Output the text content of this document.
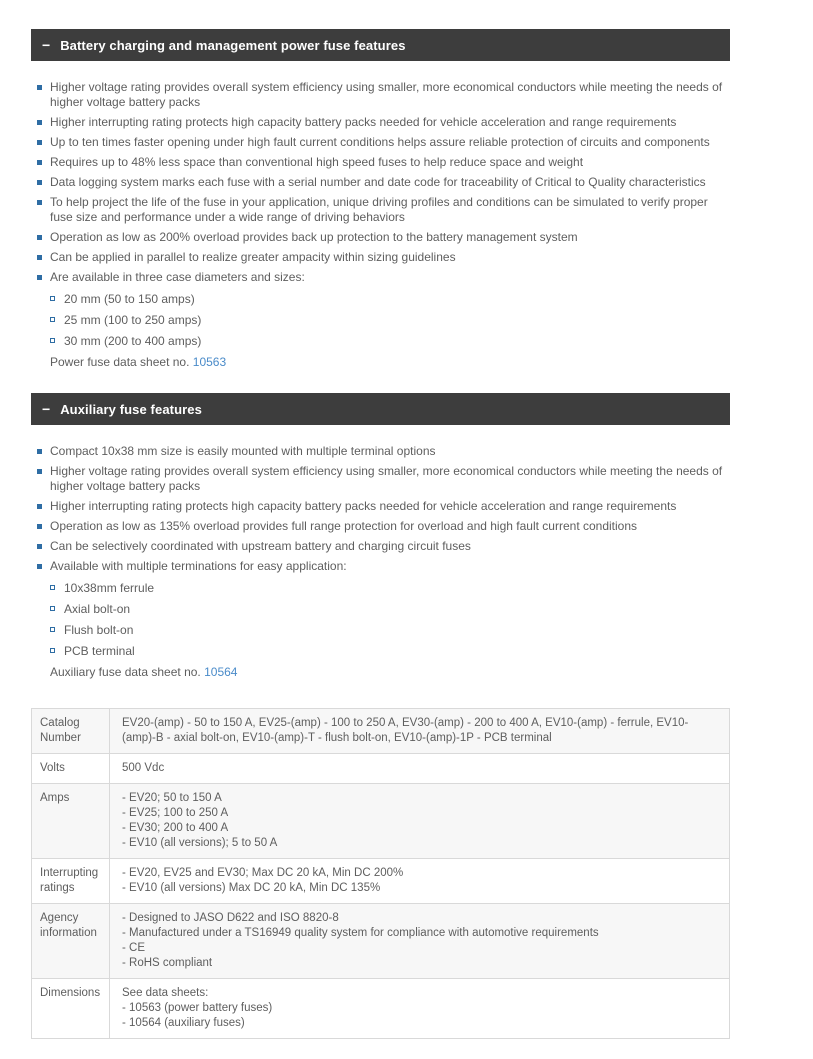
− Battery charging and management power fuse features
Higher voltage rating provides overall system efficiency using smaller, more economical conductors while meeting the needs of higher voltage battery packs
Higher interrupting rating protects high capacity battery packs needed for vehicle acceleration and range requirements
Up to ten times faster opening under high fault current conditions helps assure reliable protection of circuits and components
Requires up to 48% less space than conventional high speed fuses to help reduce space and weight
Data logging system marks each fuse with a serial number and date code for traceability of Critical to Quality characteristics
To help project the life of the fuse in your application, unique driving profiles and conditions can be simulated to verify proper fuse size and performance under a wide range of driving behaviors
Operation as low as 200% overload provides back up protection to the battery management system
Can be applied in parallel to realize greater ampacity within sizing guidelines
Are available in three case diameters and sizes:
20 mm (50 to 150 amps)
25 mm (100 to 250 amps)
30 mm (200 to 400 amps)
Power fuse data sheet no. 10563
− Auxiliary fuse features
Compact 10x38 mm size is easily mounted with multiple terminal options
Higher voltage rating provides overall system efficiency using smaller, more economical conductors while meeting the needs of higher voltage battery packs
Higher interrupting rating protects high capacity battery packs needed for vehicle acceleration and range requirements
Operation as low as 135% overload provides full range protection for overload and high fault current conditions
Can be selectively coordinated with upstream battery and charging circuit fuses
Available with multiple terminations for easy application:
10x38mm ferrule
Axial bolt-on
Flush bolt-on
PCB terminal
Auxiliary fuse data sheet no. 10564
Catalog Number	EV20-(amp) - 50 to 150 A, EV25-(amp) - 100 to 250 A, EV30-(amp) - 200 to 400 A, EV10-(amp) - ferrule, EV10-(amp)-B - axial bolt-on, EV10-(amp)-T - flush bolt-on, EV10-(amp)-1P - PCB terminal

Volts	500 Vdc

Amps	- EV20; 50 to 150 A
- EV25; 100 to 250 A
- EV30; 200 to 400 A
- EV10 (all versions); 5 to 50 A

Interrupting ratings	- EV20, EV25 and EV30; Max DC 20 kA, Min DC 200%
- EV10 (all versions) Max DC 20 kA, Min DC 135%

Agency information	- Designed to JASO D622 and ISO 8820-8
- Manufactured under a TS16949 quality system for compliance with automotive requirements
- CE
- RoHS compliant

Dimensions	See data sheets:
- 10563 (power battery fuses)
- 10564 (auxiliary fuses)
